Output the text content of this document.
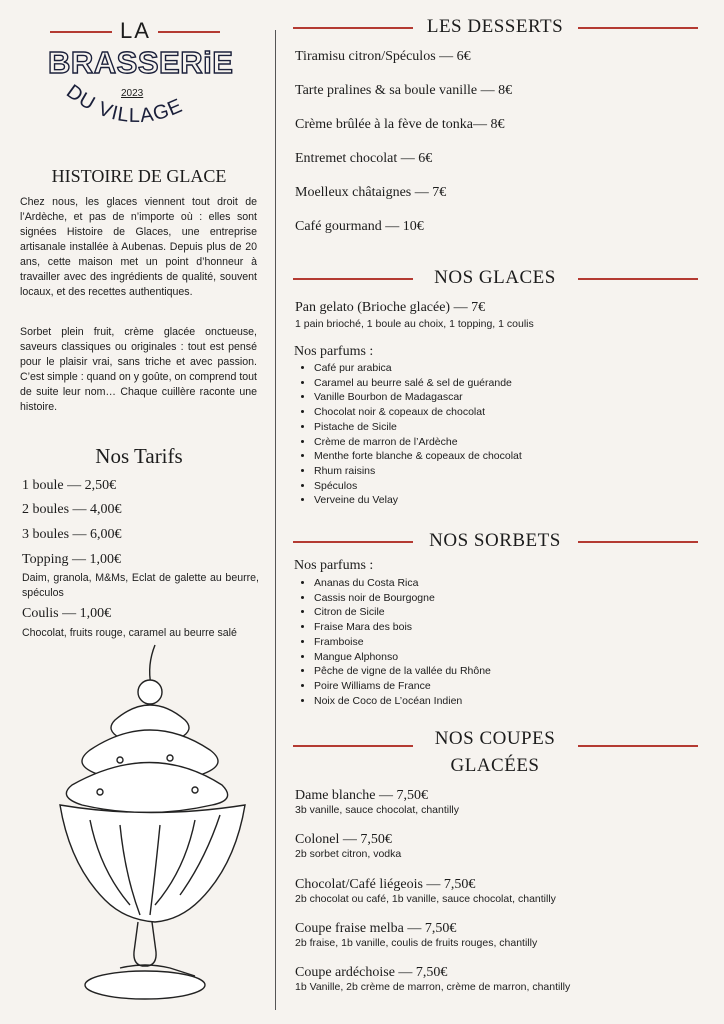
LA
BRASSERiE
2023
DU VILLAGE
HISTOIRE DE GLACE
Chez nous, les glaces viennent tout droit de l’Ardèche, et pas de n’importe où : elles sont signées Histoire de Glaces, une entreprise artisanale installée à Aubenas. Depuis plus de 20 ans, cette maison met un point d’honneur à travailler avec des ingrédients de qualité, souvent locaux, et des recettes authentiques.
Sorbet plein fruit, crème glacée onctueuse, saveurs classiques ou originales : tout est pensé pour le plaisir vrai, sans triche et avec passion. C’est simple : quand on y goûte, on comprend tout de suite leur nom… Chaque cuillère raconte une histoire.
Nos Tarifs
1 boule — 2,50€
2 boules — 4,00€
3 boules — 6,00€
Topping — 1,00€
Daim, granola, M&Ms, Eclat de galette au beurre, spéculos
Coulis — 1,00€
Chocolat, fruits rouge, caramel au beurre salé
LES DESSERTS
Tiramisu citron/Spéculos — 6€
Tarte pralines & sa boule vanille — 8€
Crème brûlée à la fève de tonka— 8€
Entremet chocolat — 6€
Moelleux châtaignes — 7€
Café gourmand — 10€
NOS GLACES
Pan gelato (Brioche glacée) — 7€
1 pain brioché, 1 boule au choix, 1 topping, 1 coulis
Nos parfums :
• Café pur arabica
• Caramel au beurre salé & sel de guérande
• Vanille Bourbon de Madagascar
• Chocolat noir & copeaux de chocolat
• Pistache de Sicile
• Crème de marron de l’Ardèche
• Menthe forte blanche & copeaux de chocolat
• Rhum raisins
• Spéculos
• Verveine du Velay
NOS SORBETS
Nos parfums :
• Ananas du Costa Rica
• Cassis noir de Bourgogne
• Citron de Sicile
• Fraise Mara des bois
• Framboise
• Mangue Alphonso
• Pêche de vigne de la vallée du Rhône
• Poire Williams de France
• Noix de Coco de L’océan Indien
NOS COUPES
GLACÉES
Dame blanche — 7,50€
3b vanille, sauce chocolat, chantilly
Colonel — 7,50€
2b sorbet citron, vodka
Chocolat/Café liégeois — 7,50€
2b chocolat ou café, 1b vanille, sauce chocolat, chantilly
Coupe fraise melba — 7,50€
2b fraise, 1b vanille, coulis de fruits rouges, chantilly
Coupe ardéchoise — 7,50€
1b Vanille, 2b crème de marron, crème de marron, chantilly
